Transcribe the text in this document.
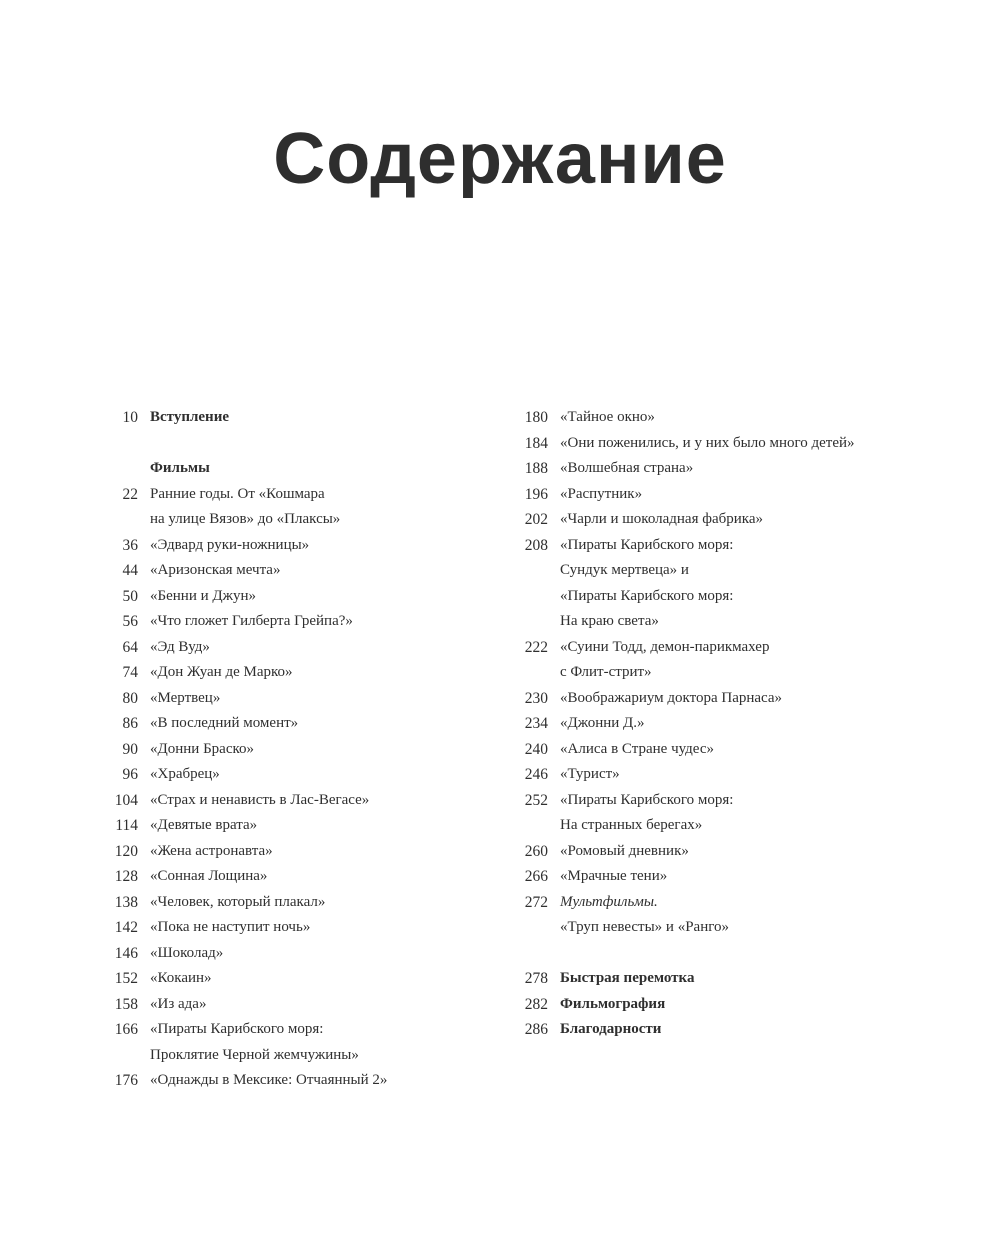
Содержание
10 Вступление
Фильмы
22 Ранние годы. От «Кошмара
на улице Вязов» до «Плаксы»
36 «Эдвард руки-ножницы»
44 «Аризонская мечта»
50 «Бенни и Джун»
56 «Что гложет Гилберта Грейпа?»
64 «Эд Вуд»
74 «Дон Жуан де Марко»
80 «Мертвец»
86 «В последний момент»
90 «Донни Браско»
96 «Храбрец»
104 «Страх и ненависть в Лас-Вегасе»
114 «Девятые врата»
120 «Жена астронавта»
128 «Сонная Лощина»
138 «Человек, который плакал»
142 «Пока не наступит ночь»
146 «Шоколад»
152 «Кокаин»
158 «Из ада»
166 «Пираты Карибского моря:
Проклятие Черной жемчужины»
176 «Однажды в Мексике: Отчаянный 2»
180 «Тайное окно»
184 «Они поженились, и у них было много детей»
188 «Волшебная страна»
196 «Распутник»
202 «Чарли и шоколадная фабрика»
208 «Пираты Карибского моря:
Сундук мертвеца» и
«Пираты Карибского моря:
На краю света»
222 «Суини Тодд, демон-парикмахер
с Флит-стрит»
230 «Воображариум доктора Парнаса»
234 «Джонни Д.»
240 «Алиса в Стране чудес»
246 «Турист»
252 «Пираты Карибского моря:
На странных берегах»
260 «Ромовый дневник»
266 «Мрачные тени»
272 Мультфильмы.
«Труп невесты» и «Ранго»
278 Быстрая перемотка
282 Фильмография
286 Благодарности
